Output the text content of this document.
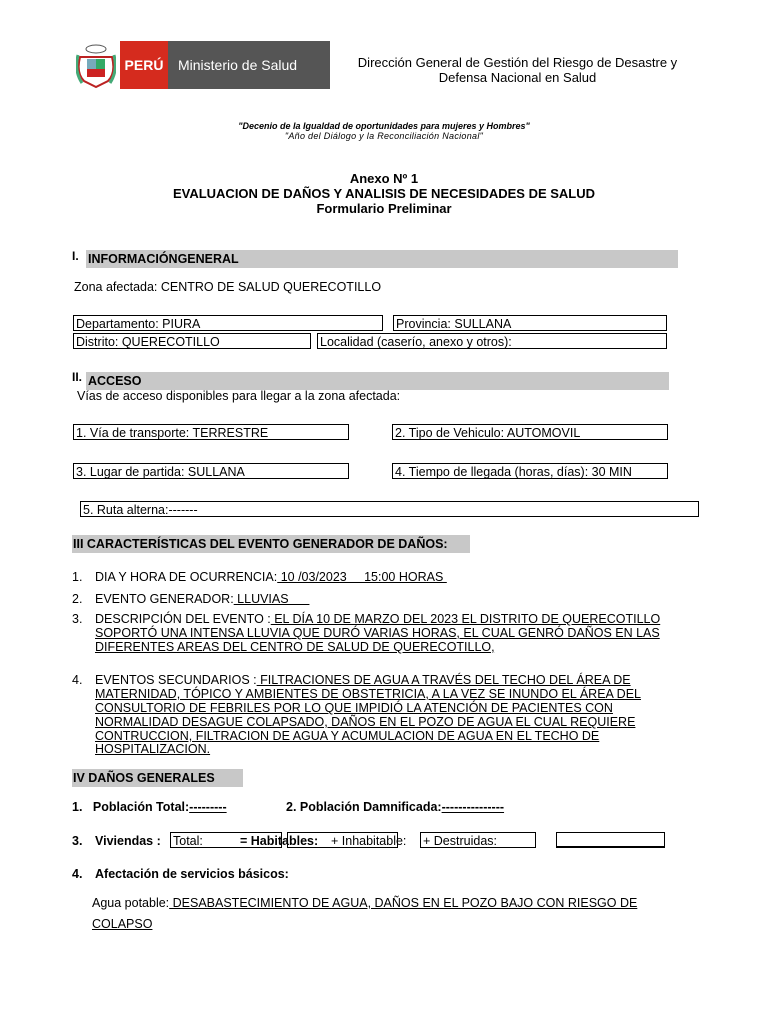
PERÚ	Ministerio de Salud	Dirección General de Gestión del Riesgo de Desastre y Defensa Nacional en Salud
"Decenio de la Igualdad de oportunidades para mujeres y Hombres"
"Año del Diálogo y la Reconciliación Nacional"
Anexo Nº 1
EVALUACION DE DAÑOS Y ANALISIS DE NECESIDADES DE SALUD
Formulario Preliminar
I. INFORMACIÓNGENERAL
Zona afectada: CENTRO DE SALUD QUERECOTILLO
Departamento: PIURA	Provincia: SULLANA
Distrito: QUERECOTILLO	Localidad (caserío, anexo y otros):
II. ACCESO
Vías de acceso disponibles para llegar a la zona afectada:
1. Vía de transporte: TERRESTRE	2. Tipo de Vehiculo: AUTOMOVIL
3. Lugar de partida: SULLANA	4. Tiempo de llegada (horas, días): 30 MIN
5. Ruta alterna:-------
III CARACTERÍSTICAS DEL EVENTO GENERADOR DE DAÑOS:
1. DIA Y HORA DE OCURRENCIA: 10 /03/2023     15:00 HORAS
2. EVENTO GENERADOR: LLUVIAS
3. DESCRIPCIÓN DEL EVENTO : EL DÍA 10 DE MARZO DEL 2023 EL DISTRITO DE QUERECOTILLO
SOPORTÓ UNA INTENSA LLUVIA QUE DURÓ VARIAS HORAS, EL CUAL GENRÓ DAÑOS EN LAS
DIFERENTES AREAS DEL CENTRO DE SALUD DE QUERECOTILLO,
4. EVENTOS SECUNDARIOS : FILTRACIONES DE AGUA A TRAVÉS DEL TECHO DEL ÁREA DE
MATERNIDAD, TÓPICO Y AMBIENTES DE OBSTETRICIA, A LA VEZ SE INUNDO EL ÁREA DEL
CONSULTORIO DE FEBRILES POR LO QUE IMPIDIÓ LA ATENCIÓN DE PACIENTES CON
NORMALIDAD DESAGUE COLAPSADO, DAÑOS EN EL POZO DE AGUA EL CUAL REQUIERE
CONTRUCCION, FILTRACION DE AGUA Y ACUMULACION DE AGUA EN EL TECHO DE
HOSPITALIZACION.
IV DAÑOS GENERALES
1. Población Total:---------	2. Población Damnificada:---------------
3. Viviendas : Total:	= Habitables: + Inhabitable: + Destruidas:
4. Afectación de servicios básicos:
Agua potable: DESABASTECIMIENTO DE AGUA, DAÑOS EN EL POZO BAJO CON RIESGO DE
COLAPSO
